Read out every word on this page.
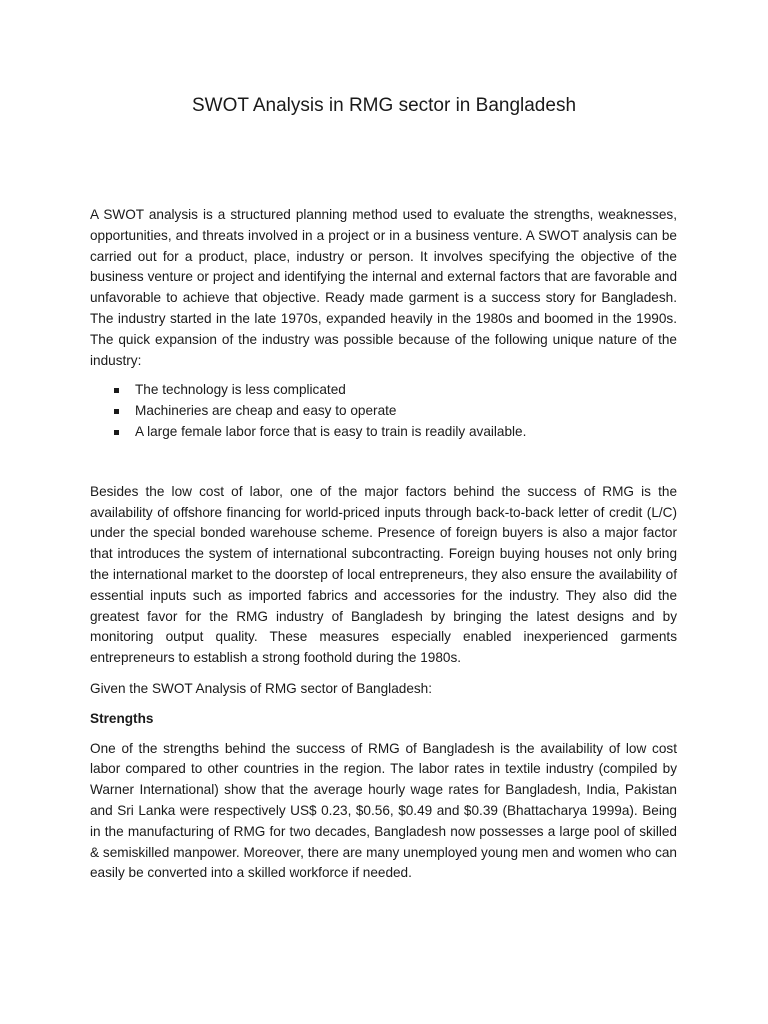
SWOT Analysis in RMG sector in Bangladesh

A SWOT analysis is a structured planning method used to evaluate the strengths, weaknesses, opportunities, and threats involved in a project or in a business venture. A SWOT analysis can be carried out for a product, place, industry or person. It involves specifying the objective of the business venture or project and identifying the internal and external factors that are favorable and unfavorable to achieve that objective. Ready made garment is a success story for Bangladesh. The industry started in the late 1970s, expanded heavily in the 1980s and boomed in the 1990s. The quick expansion of the industry was possible because of the following unique nature of the industry:

The technology is less complicated
Machineries are cheap and easy to operate
A large female labor force that is easy to train is readily available.

Besides the low cost of labor, one of the major factors behind the success of RMG is the availability of offshore financing for world-priced inputs through back-to-back letter of credit (L/C) under the special bonded warehouse scheme. Presence of foreign buyers is also a major factor that introduces the system of international subcontracting. Foreign buying houses not only bring the international market to the doorstep of local entrepreneurs, they also ensure the availability of essential inputs such as imported fabrics and accessories for the industry. They also did the greatest favor for the RMG industry of Bangladesh by bringing the latest designs and by monitoring output quality. These measures especially enabled inexperienced garments entrepreneurs to establish a strong foothold during the 1980s.

Given the SWOT Analysis of RMG sector of Bangladesh:

Strengths

One of the strengths behind the success of RMG of Bangladesh is the availability of low cost labor compared to other countries in the region. The labor rates in textile industry (compiled by Warner International) show that the average hourly wage rates for Bangladesh, India, Pakistan and Sri Lanka were respectively US$ 0.23, $0.56, $0.49 and $0.39 (Bhattacharya 1999a). Being in the manufacturing of RMG for two decades, Bangladesh now possesses a large pool of skilled & semiskilled manpower. Moreover, there are many unemployed young men and women who can easily be converted into a skilled workforce if needed.
